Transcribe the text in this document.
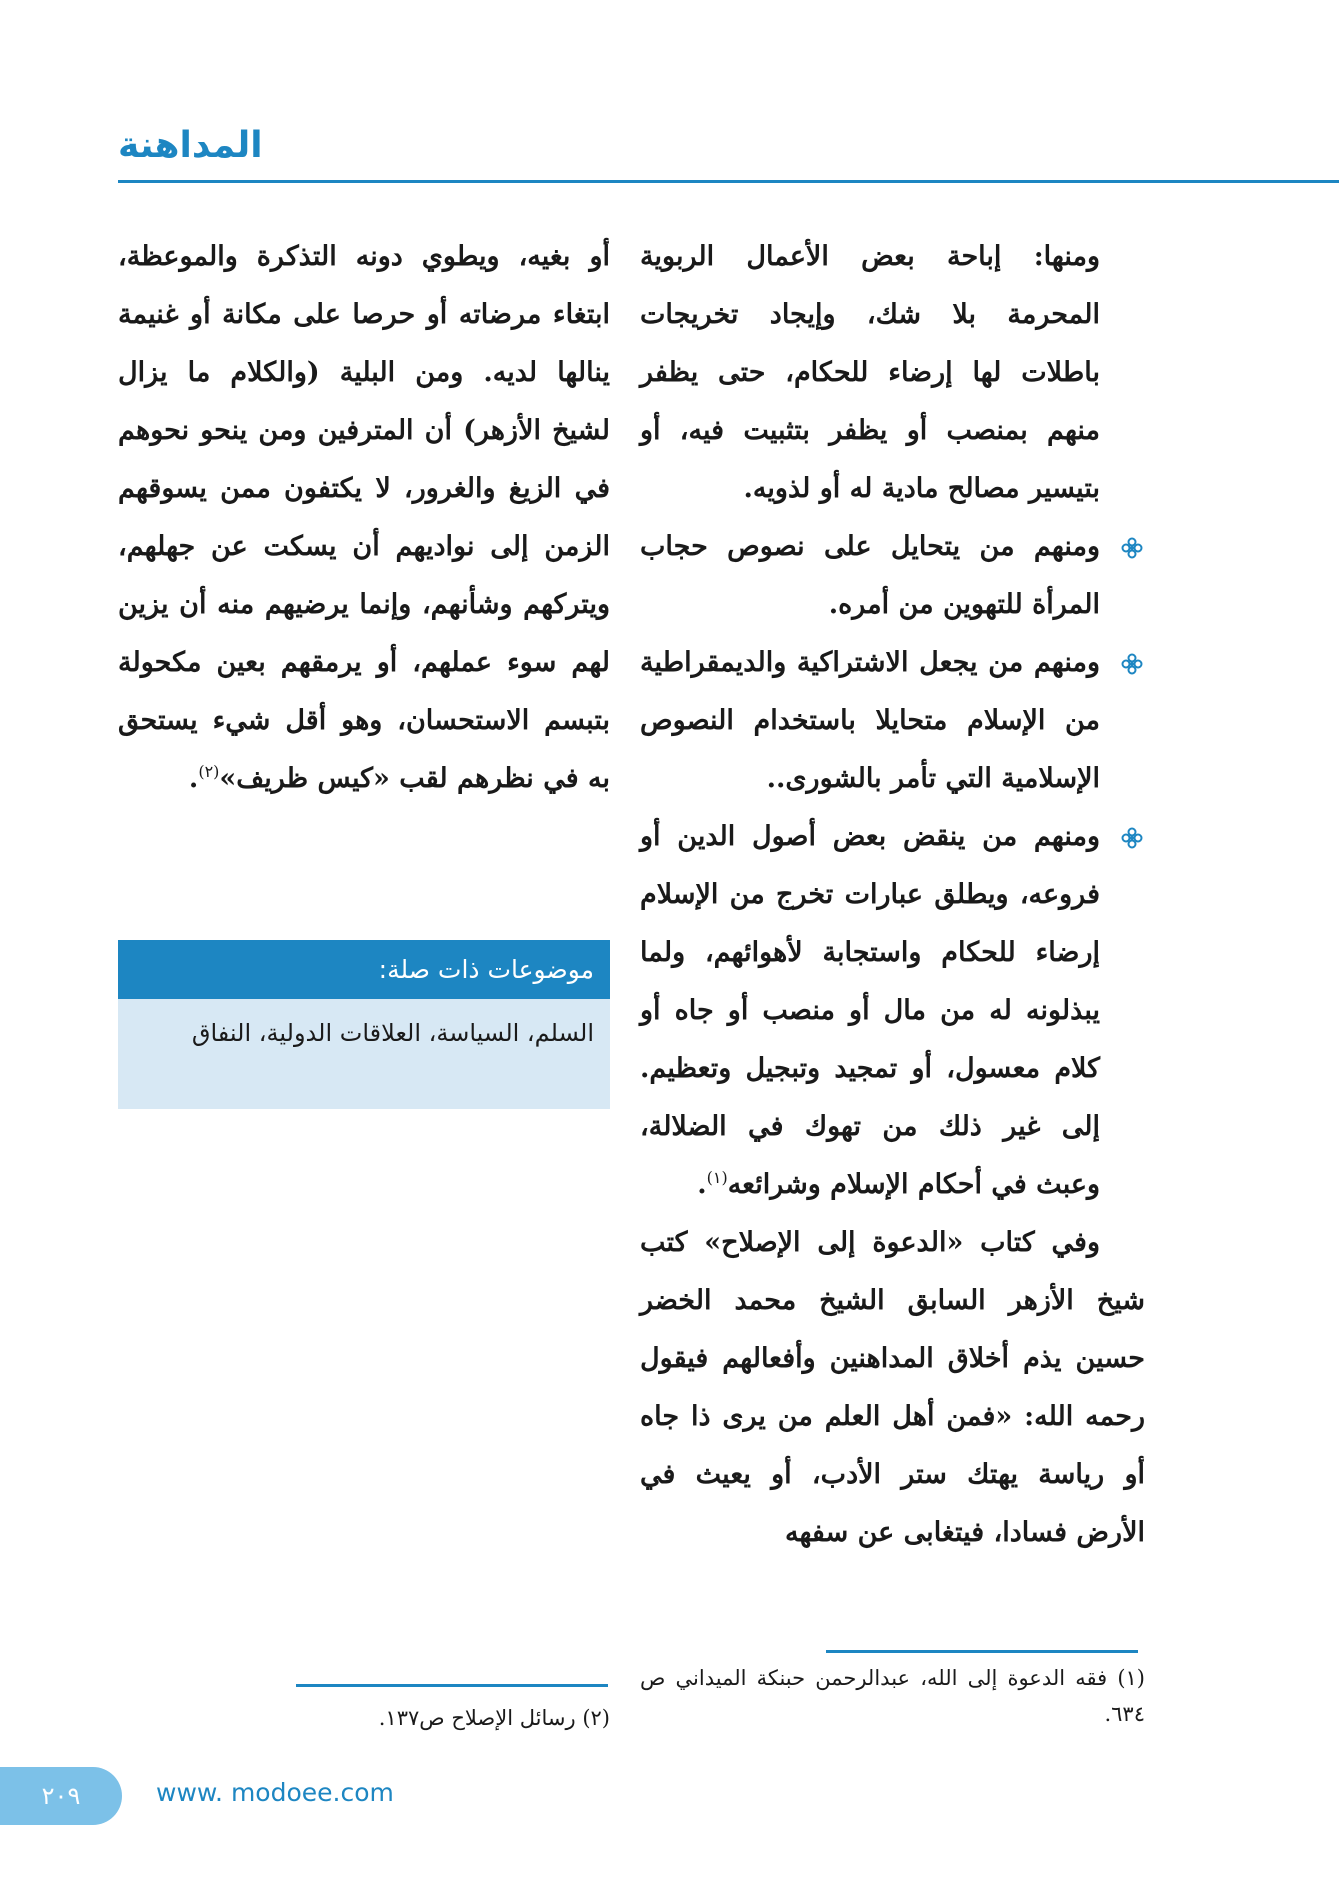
المداهنة

ومنها: إباحة بعض الأعمال الربوية المحرمة بلا شك، وإيجاد تخريجات باطلات لها إرضاء للحكام، حتى يظفر منهم بمنصب أو يظفر بتثبيت فيه، أو بتيسير مصالح مادية له أو لذويه.

ومنهم من يتحايل على نصوص حجاب المرأة للتهوين من أمره.

ومنهم من يجعل الاشتراكية والديمقراطية من الإسلام متحايلا باستخدام النصوص الإسلامية التي تأمر بالشورى..

ومنهم من ينقض بعض أصول الدين أو فروعه، ويطلق عبارات تخرج من الإسلام إرضاء للحكام واستجابة لأهوائهم، ولما يبذلونه له من مال أو منصب أو جاه أو كلام معسول، أو تمجيد وتبجيل وتعظيم. إلى غير ذلك من تهوك في الضلالة، وعبث في أحكام الإسلام وشرائعه$^{(١)}$.

وفي كتاب «الدعوة إلى الإصلاح» كتب شيخ الأزهر السابق الشيخ محمد الخضر حسين يذم أخلاق المداهنين وأفعالهم فيقول رحمه الله: «فمن أهل العلم من يرى ذا جاه أو رياسة يهتك ستر الأدب، أو يعيث في الأرض فسادا، فيتغابى عن سفهه

أو بغيه، ويطوي دونه التذكرة والموعظة، ابتغاء مرضاته أو حرصا على مكانة أو غنيمة ينالها لديه. ومن البلية (والكلام ما يزال لشيخ الأزهر) أن المترفين ومن ينحو نحوهم في الزيغ والغرور، لا يكتفون ممن يسوقهم الزمن إلى نواديهم أن يسكت عن جهلهم، ويتركهم وشأنهم، وإنما يرضيهم منه أن يزين لهم سوء عملهم، أو يرمقهم بعين مكحولة بتبسم الاستحسان، وهو أقل شيء يستحق به في نظرهم لقب «كيس ظريف»$^{(٢)}$.

موضوعات ذات صلة:
السلم، السياسة، العلاقات الدولية، النفاق
(١) فقه الدعوة إلى الله، عبدالرحمن حبنكة الميداني ص ٦٣٤.
(٢) رسائل الإصلاح ص١٣٧.
٢٠٩	www. modoee.com
